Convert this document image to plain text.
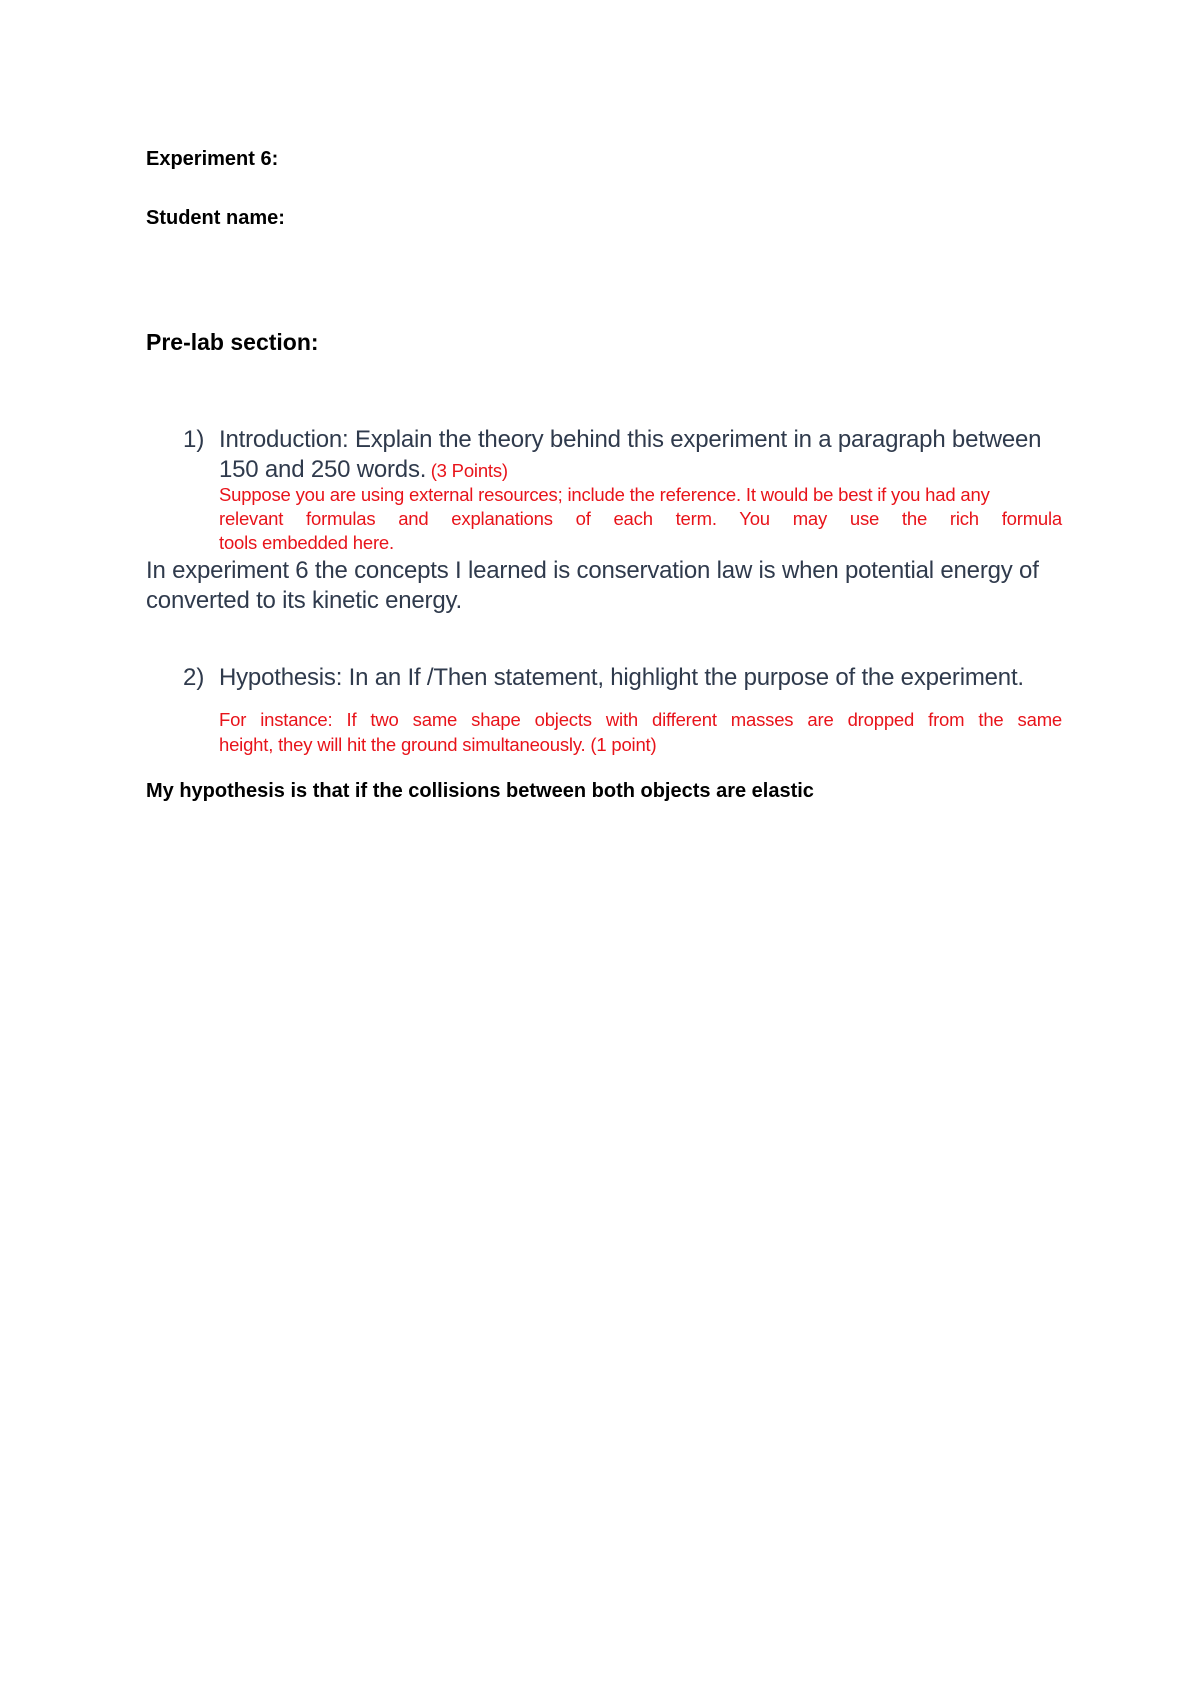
Experiment 6:

Student name:

Pre-lab section:

1) Introduction: Explain the theory behind this experiment in a paragraph between

150 and 250 words. (3 Points)

Suppose you are using external resources; include the reference. It would be best if you had any

relevant formulas and explanations of each term. You may use the rich formula

tools embedded here.

In experiment 6 the concepts I learned is conservation law is when potential energy of

converted to its kinetic energy.

2) Hypothesis: In an If /Then statement, highlight the purpose of the experiment.

For instance: If two same shape objects with different masses are dropped from the same

height, they will hit the ground simultaneously. (1 point)

My hypothesis is that if the collisions between both objects are elastic
